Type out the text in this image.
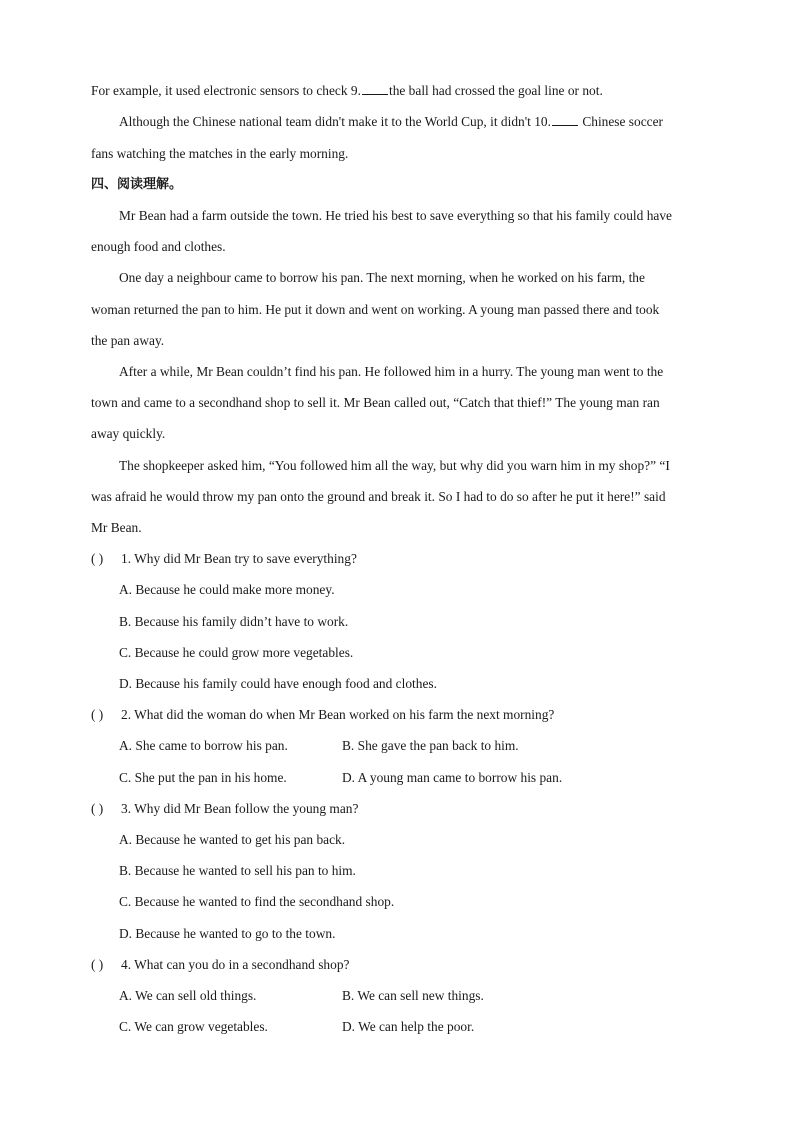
For example, it used electronic sensors to check 9. the ball had crossed the goal line or not.
Although the Chinese national team didn't make it to the World Cup, it didn't 10. Chinese soccer
fans watching the matches in the early morning.
四、阅读理解。
Mr Bean had a farm outside the town. He tried his best to save everything so that his family could have
enough food and clothes.
One day a neighbour came to borrow his pan. The next morning, when he worked on his farm, the
woman returned the pan to him. He put it down and went on working. A young man passed there and took
the pan away.
After a while, Mr Bean couldn’t find his pan. He followed him in a hurry. The young man went to the
town and came to a secondhand shop to sell it. Mr Bean called out, “Catch that thief!” The young man ran
away quickly.
The shopkeeper asked him, “You followed him all the way, but why did you warn him in my shop?” “I
was afraid he would throw my pan onto the ground and break it. So I had to do so after he put it here!” said
Mr Bean.
( ) 1. Why did Mr Bean try to save everything?
A. Because he could make more money.
B. Because his family didn’t have to work.
C. Because he could grow more vegetables.
D. Because his family could have enough food and clothes.
( ) 2. What did the woman do when Mr Bean worked on his farm the next morning?
A. She came to borrow his pan.	B. She gave the pan back to him.
C. She put the pan in his home.	D. A young man came to borrow his pan.
( ) 3. Why did Mr Bean follow the young man?
A. Because he wanted to get his pan back.
B. Because he wanted to sell his pan to him.
C. Because he wanted to find the secondhand shop.
D. Because he wanted to go to the town.
( ) 4. What can you do in a secondhand shop?
A. We can sell old things.	B. We can sell new things.
C. We can grow vegetables.	D. We can help the poor.
